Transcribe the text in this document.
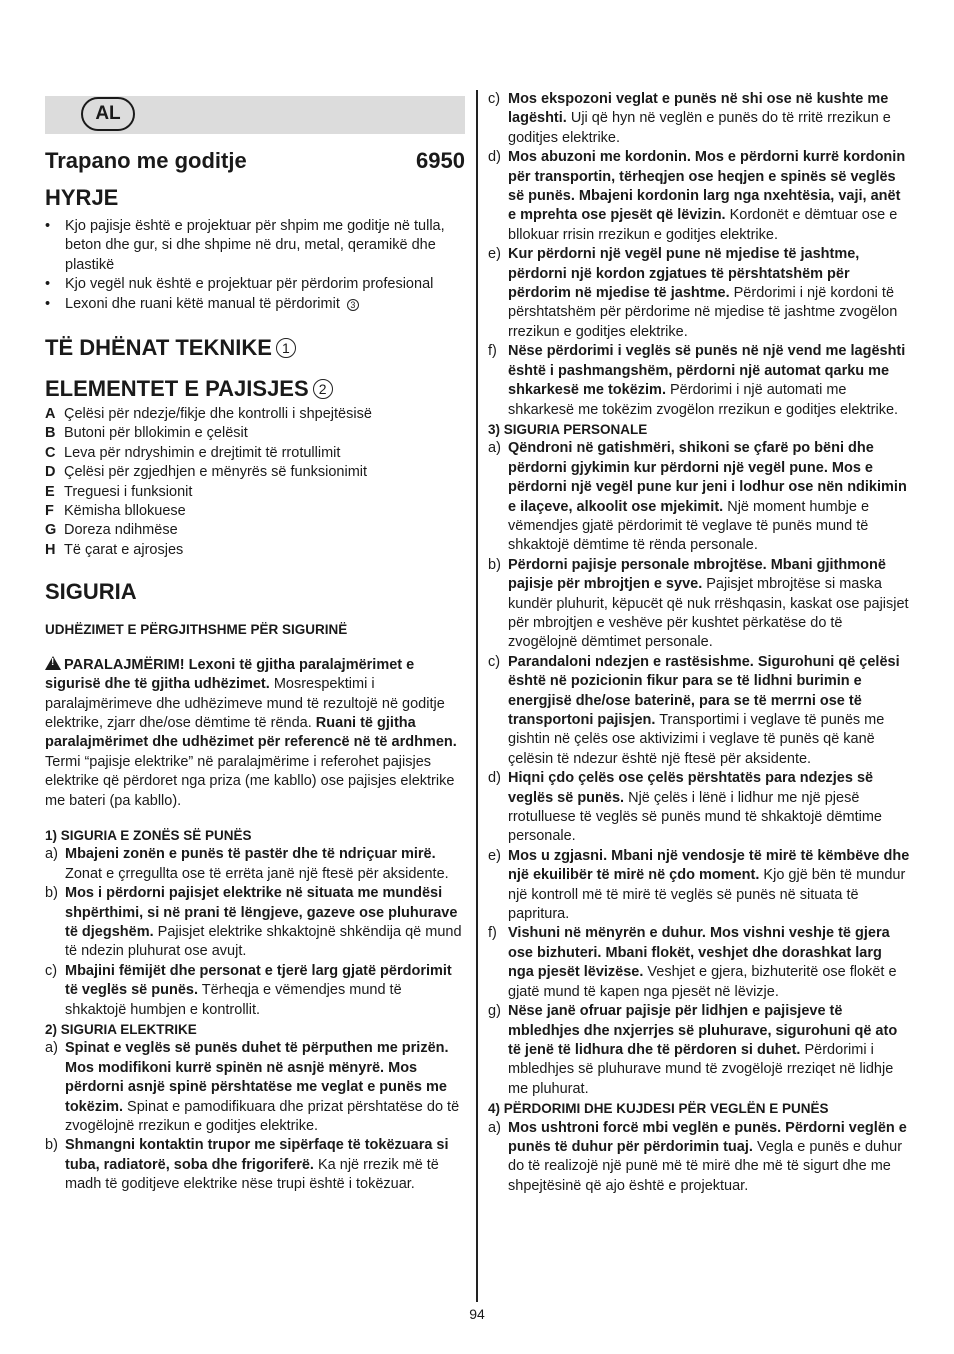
AL
Trapano me goditje	6950
HYRJE
• Kjo pajisje është e projektuar për shpim me goditje në tulla, beton dhe gur, si dhe shpime në dru, metal, qeramikë dhe plastikë
• Kjo vegël nuk është e projektuar për përdorim profesional
• Lexoni dhe ruani këtë manual të përdorimit 3
TË DHËNAT TEKNIKE 1
ELEMENTET E PAJISJES 2
A Çelësi për ndezje/fikje dhe kontrolli i shpejtësisë
B Butoni për bllokimin e çelësit
C Leva për ndryshimin e drejtimit të rrotullimit
D Çelësi për zgjedhjen e mënyrës së funksionimit
E Treguesi i funksionit
F Këmisha bllokuese
G Doreza ndihmëse
H Të çarat e ajrosjes
SIGURIA
UDHËZIMET E PËRGJITHSHME PËR SIGURINË
!PARALAJMËRIM! Lexoni të gjitha paralajmërimet e sigurisë dhe të gjitha udhëzimet. Mosrespektimi i paralajmërimeve dhe udhëzimeve mund të rezultojë në goditje elektrike, zjarr dhe/ose dëmtime të rënda. Ruani të gjitha paralajmërimet dhe udhëzimet për referencë në të ardhmen. Termi “pajisje elektrike” në paralajmërime i referohet pajisjes elektrike që përdoret nga priza (me kabllo) ose pajisjes elektrike me bateri (pa kabllo).
1) SIGURIA E ZONËS SË PUNËS
a) Mbajeni zonën e punës të pastër dhe të ndriçuar mirë. Zonat e çrregullta ose të errëta janë një ftesë për aksidente.
b) Mos i përdorni pajisjet elektrike në situata me mundësi shpërthimi, si në prani të lëngjeve, gazeve ose pluhurave të djegshëm. Pajisjet elektrike shkaktojnë shkëndija që mund të ndezin pluhurat ose avujt.
c) Mbajini fëmijët dhe personat e tjerë larg gjatë përdorimit të veglës së punës. Tërheqja e vëmendjes mund të shkaktojë humbjen e kontrollit.
2) SIGURIA ELEKTRIKE
a) Spinat e veglës së punës duhet të përputhen me prizën. Mos modifikoni kurrë spinën në asnjë mënyrë. Mos përdorni asnjë spinë përshtatëse me veglat e punës me tokëzim. Spinat e pamodifikuara dhe prizat përshtatëse do të zvogëlojnë rrezikun e goditjes elektrike.
b) Shmangni kontaktin trupor me sipërfaqe të tokëzuara si tuba, radiatorë, soba dhe frigoriferë. Ka një rrezik më të madh të goditjeve elektrike nëse trupi është i tokëzuar.
c) Mos ekspozoni veglat e punës në shi ose në kushte me lagështi. Uji që hyn në veglën e punës do të rritë rrezikun e goditjes elektrike.
d) Mos abuzoni me kordonin. Mos e përdorni kurrë kordonin për transportin, tërheqjen ose heqjen e spinës së veglës së punës. Mbajeni kordonin larg nga nxehtësia, vaji, anët e mprehta ose pjesët që lëvizin. Kordonët e dëmtuar ose e bllokuar rrisin rrezikun e goditjes elektrike.
e) Kur përdorni një vegël pune në mjedise të jashtme, përdorni një kordon zgjatues të përshtatshëm për përdorim në mjedise të jashtme. Përdorimi i një kordoni të përshtatshëm për përdorime në mjedise të jashtme zvogëlon rrezikun e goditjes elektrike.
f) Nëse përdorimi i veglës së punës në një vend me lagështi është i pashmangshëm, përdorni një automat qarku me shkarkesë me tokëzim. Përdorimi i një automati me shkarkesë me tokëzim zvogëlon rrezikun e goditjes elektrike.
3) SIGURIA PERSONALE
a) Qëndroni në gatishmëri, shikoni se çfarë po bëni dhe përdorni gjykimin kur përdorni një vegël pune. Mos e përdorni një vegël pune kur jeni i lodhur ose nën ndikimin e ilaçeve, alkoolit ose mjekimit. Një moment humbje e vëmendjes gjatë përdorimit të veglave të punës mund të shkaktojë dëmtime të rënda personale.
b) Përdorni pajisje personale mbrojtëse. Mbani gjithmonë pajisje për mbrojtjen e syve. Pajisjet mbrojtëse si maska kundër pluhurit, këpucët që nuk rrëshqasin, kaskat ose pajisjet për mbrojtjen e veshëve për kushtet përkatëse do të zvogëlojnë dëmtimet personale.
c) Parandaloni ndezjen e rastësishme. Sigurohuni që çelësi është në pozicionin fikur para se të lidhni burimin e energjisë dhe/ose baterinë, para se të merrni ose të transportoni pajisjen. Transportimi i veglave të punës me gishtin në çelës ose aktivizimi i veglave të punës që kanë çelësin të ndezur është një ftesë për aksidente.
d) Hiqni çdo çelës ose çelës përshtatës para ndezjes së veglës së punës. Një çelës i lënë i lidhur me një pjesë rrotulluese të veglës së punës mund të shkaktojë dëmtime personale.
e) Mos u zgjasni. Mbani një vendosje të mirë të këmbëve dhe një ekuilibër të mirë në çdo moment. Kjo gjë bën të mundur një kontroll më të mirë të veglës së punës në situata të papritura.
f) Vishuni në mënyrën e duhur. Mos vishni veshje të gjera ose bizhuteri. Mbani flokët, veshjet dhe dorashkat larg nga pjesët lëvizëse. Veshjet e gjera, bizhuteritë ose flokët e gjatë mund të kapen nga pjesët në lëvizje.
g) Nëse janë ofruar pajisje për lidhjen e pajisjeve të mbledhjes dhe nxjerrjes së pluhurave, sigurohuni që ato të jenë të lidhura dhe të përdoren si duhet. Përdorimi i mbledhjes së pluhurave mund të zvogëlojë rreziqet në lidhje me pluhurat.
4) PËRDORIMI DHE KUJDESI PËR VEGLËN E PUNËS
a) Mos ushtroni forcë mbi veglën e punës. Përdorni veglën e punës të duhur për përdorimin tuaj. Vegla e punës e duhur do të realizojë një punë më të mirë dhe më të sigurt dhe me shpejtësinë që ajo është e projektuar.
94
